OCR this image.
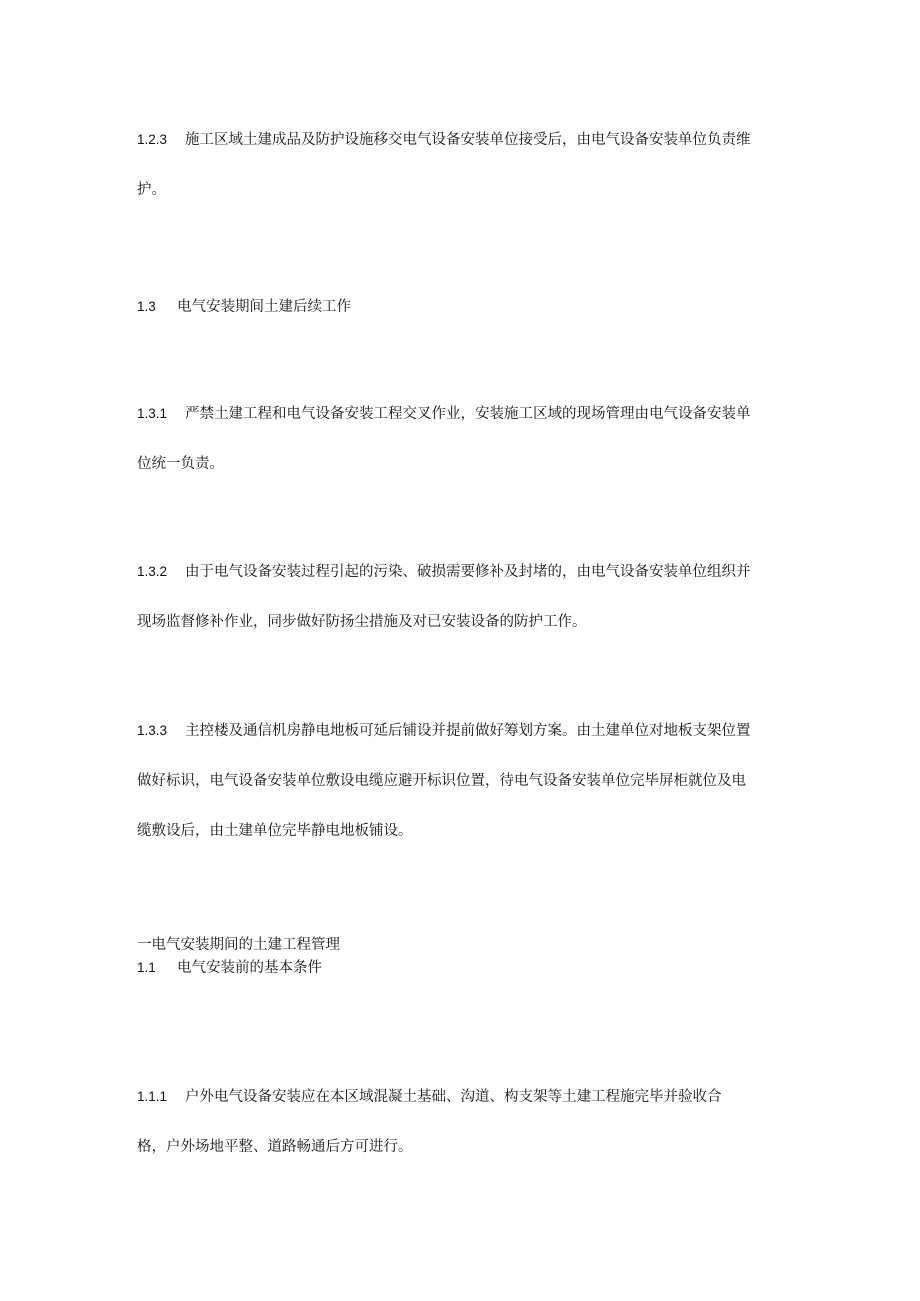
1.2.3 施工区域土建成品及防护设施移交电气设备安装单位接受后，由电气设备安装单位负责维
护。
1.3 电气安装期间土建后续工作
1.3.1 严禁土建工程和电气设备安装工程交叉作业，安装施工区域的现场管理由电气设备安装单
位统一负责。
1.3.2 由于电气设备安装过程引起的污染、破损需要修补及封堵的，由电气设备安装单位组织并
现场监督修补作业，同步做好防扬尘措施及对已安装设备的防护工作。
1.3.3 主控楼及通信机房静电地板可延后铺设并提前做好筹划方案。由土建单位对地板支架位置
做好标识，电气设备安装单位敷设电缆应避开标识位置，待电气设备安装单位完毕屏柜就位及电
缆敷设后，由土建单位完毕静电地板铺设。
一电气安装期间的土建工程管理
1.1 电气安装前的基本条件
1.1.1 户外电气设备安装应在本区域混凝土基础、沟道、构支架等土建工程施完毕并验收合
格，户外场地平整、道路畅通后方可进行。
